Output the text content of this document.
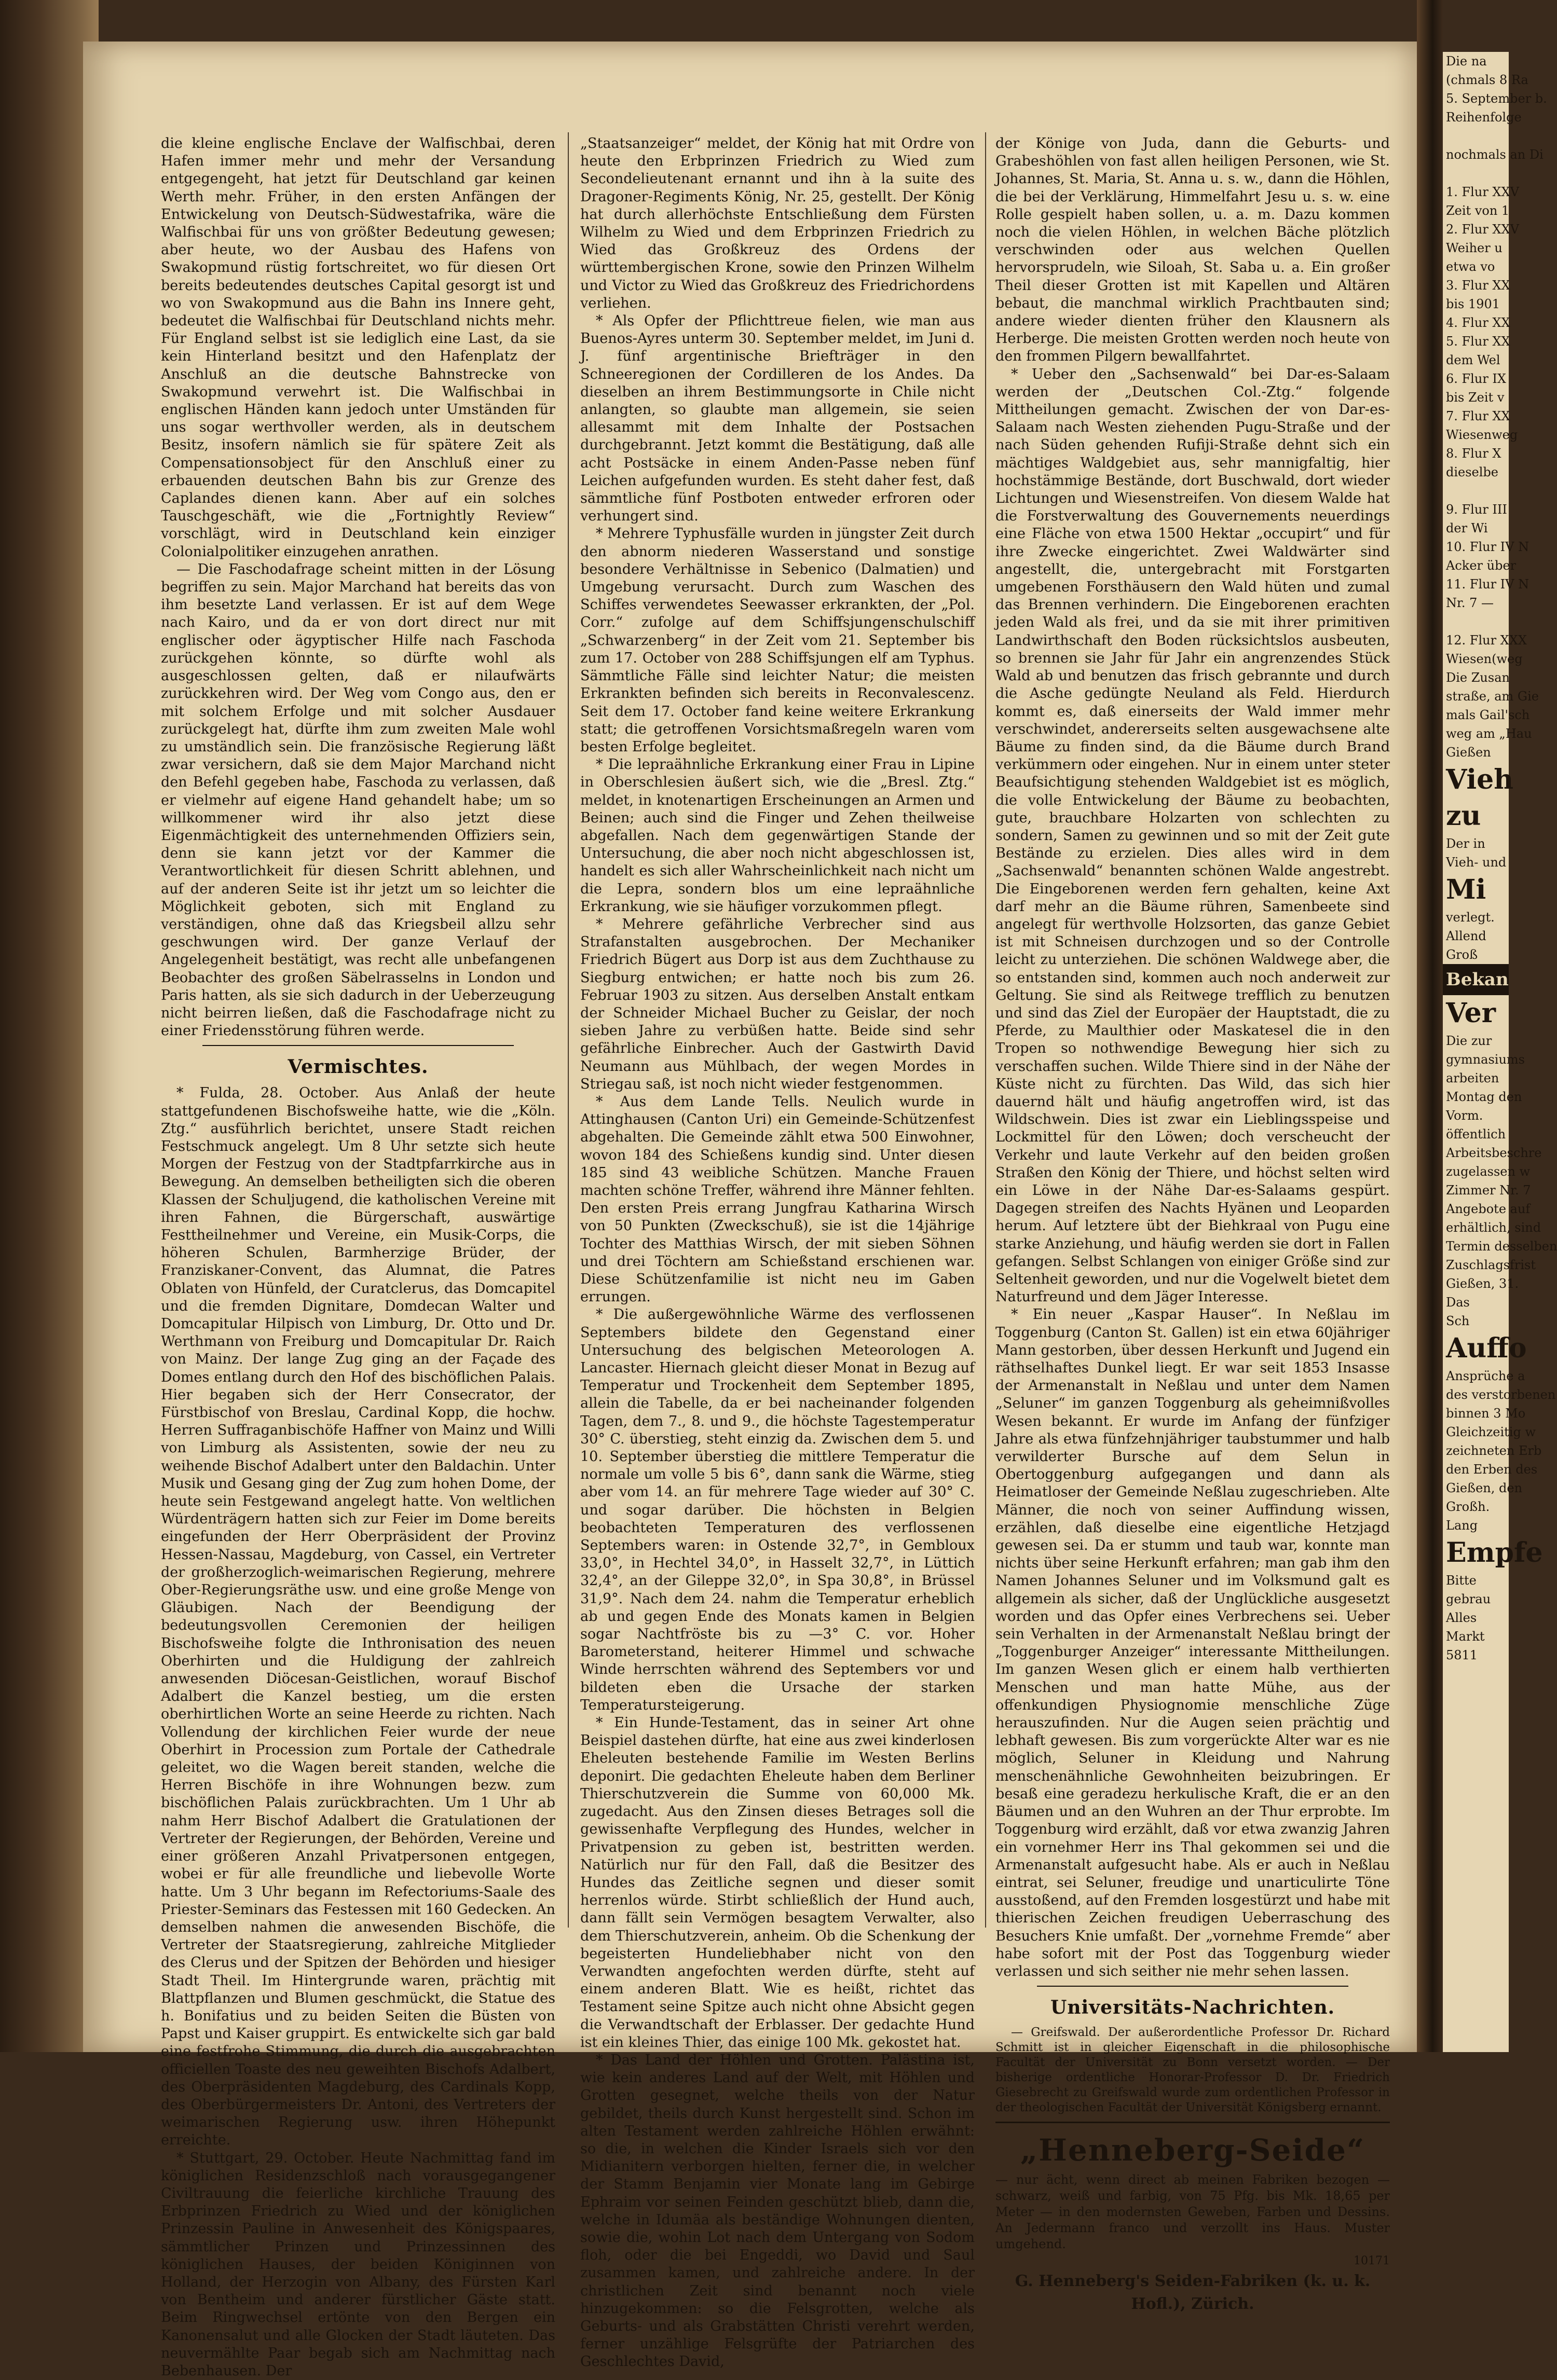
die kleine englische Enclave der Walfischbai, deren Hafen immer mehr und mehr der Versandung entgegengeht, hat jetzt für Deutschland gar keinen Werth mehr. Früher, in den ersten Anfängen der Entwickelung von Deutsch-Südwestafrika, wäre die Walfischbai für uns von größter Bedeutung gewesen; aber heute, wo der Ausbau des Hafens von Swakopmund rüstig fortschreitet, wo für diesen Ort bereits bedeutendes deutsches Capital gesorgt ist und wo von Swakopmund aus die Bahn ins Innere geht, bedeutet die Walfischbai für Deutschland nichts mehr. Für England selbst ist sie lediglich eine Last, da sie kein Hinterland besitzt und den Hafenplatz der Anschluß an die deutsche Bahnstrecke von Swakopmund verwehrt ist. Die Walfischbai in englischen Händen kann jedoch unter Umständen für uns sogar werthvoller werden, als in deutschem Besitz, insofern nämlich sie für spätere Zeit als Compensationsobject für den Anschluß einer zu erbauenden deutschen Bahn bis zur Grenze des Caplandes dienen kann. Aber auf ein solches Tauschgeschäft, wie die „Fortnightly Review“ vorschlägt, wird in Deutschland kein einziger Colonialpolitiker einzugehen anrathen.

— Die Faschodafrage scheint mitten in der Lösung begriffen zu sein. Major Marchand hat bereits das von ihm besetzte Land verlassen. Er ist auf dem Wege nach Kairo, und da er von dort direct nur mit englischer oder ägyptischer Hilfe nach Faschoda zurückgehen könnte, so dürfte wohl als ausgeschlossen gelten, daß er nilaufwärts zurückkehren wird. Der Weg vom Congo aus, den er mit solchem Erfolge und mit solcher Ausdauer zurückgelegt hat, dürfte ihm zum zweiten Male wohl zu umständlich sein. Die französische Regierung läßt zwar versichern, daß sie dem Major Marchand nicht den Befehl gegeben habe, Faschoda zu verlassen, daß er vielmehr auf eigene Hand gehandelt habe; um so willkommener wird ihr also jetzt diese Eigenmächtigkeit des unternehmenden Offiziers sein, denn sie kann jetzt vor der Kammer die Verantwortlichkeit für diesen Schritt ablehnen, und auf der anderen Seite ist ihr jetzt um so leichter die Möglichkeit geboten, sich mit England zu verständigen, ohne daß das Kriegsbeil allzu sehr geschwungen wird. Der ganze Verlauf der Angelegenheit bestätigt, was recht alle unbefangenen Beobachter des großen Säbelrasselns in London und Paris hatten, als sie sich dadurch in der Ueberzeugung nicht beirren ließen, daß die Faschodafrage nicht zu einer Friedensstörung führen werde.

Vermischtes.

* Fulda, 28. October. Aus Anlaß der heute stattgefundenen Bischofsweihe hatte, wie die „Köln. Ztg.“ ausführlich berichtet, unsere Stadt reichen Festschmuck angelegt. Um 8 Uhr setzte sich heute Morgen der Festzug von der Stadtpfarrkirche aus in Bewegung. An demselben betheiligten sich die oberen Klassen der Schuljugend, die katholischen Vereine mit ihren Fahnen, die Bürgerschaft, auswärtige Festtheilnehmer und Vereine, ein Musik-Corps, die höheren Schulen, Barmherzige Brüder, der Franziskaner-Convent, das Alumnat, die Patres Oblaten von Hünfeld, der Curatclerus, das Domcapitel und die fremden Dignitare, Domdecan Walter und Domcapitular Hilpisch von Limburg, Dr. Otto und Dr. Werthmann von Freiburg und Domcapitular Dr. Raich von Mainz. Der lange Zug ging an der Façade des Domes entlang durch den Hof des bischöflichen Palais. Hier begaben sich der Herr Consecrator, der Fürstbischof von Breslau, Cardinal Kopp, die hochw. Herren Suffraganbischöfe Haffner von Mainz und Willi von Limburg als Assistenten, sowie der neu zu weihende Bischof Adalbert unter den Baldachin. Unter Musik und Gesang ging der Zug zum hohen Dome, der heute sein Festgewand angelegt hatte. Von weltlichen Würdenträgern hatten sich zur Feier im Dome bereits eingefunden der Herr Oberpräsident der Provinz Hessen-Nassau, Magdeburg, von Cassel, ein Vertreter der großherzoglich-weimarischen Regierung, mehrere Ober-Regierungsräthe usw. und eine große Menge von Gläubigen. Nach der Beendigung der bedeutungsvollen Ceremonien der heiligen Bischofsweihe folgte die Inthronisation des neuen Oberhirten und die Huldigung der zahlreich anwesenden Diöcesan-Geistlichen, worauf Bischof Adalbert die Kanzel bestieg, um die ersten oberhirtlichen Worte an seine Heerde zu richten. Nach Vollendung der kirchlichen Feier wurde der neue Oberhirt in Procession zum Portale der Cathedrale geleitet, wo die Wagen bereit standen, welche die Herren Bischöfe in ihre Wohnungen bezw. zum bischöflichen Palais zurückbrachten. Um 1 Uhr ab nahm Herr Bischof Adalbert die Gratulationen der Vertreter der Regierungen, der Behörden, Vereine und einer größeren Anzahl Privatpersonen entgegen, wobei er für alle freundliche und liebevolle Worte hatte. Um 3 Uhr begann im Refectoriums-Saale des Priester-Seminars das Festessen mit 160 Gedecken. An demselben nahmen die anwesenden Bischöfe, die Vertreter der Staatsregierung, zahlreiche Mitglieder des Clerus und der Spitzen der Behörden und hiesiger Stadt Theil. Im Hintergrunde waren, prächtig mit Blattpflanzen und Blumen geschmückt, die Statue des h. Bonifatius und zu beiden Seiten die Büsten von Papst und Kaiser gruppirt. Es entwickelte sich gar bald eine festfrohe Stimmung, die durch die ausgebrachten officiellen Toaste des neu geweihten Bischofs Adalbert, des Oberpräsidenten Magdeburg, des Cardinals Kopp, des Oberbürgermeisters Dr. Antoni, des Vertreters der weimarischen Regierung usw. ihren Höhepunkt erreichte.

* Stuttgart, 29. October. Heute Nachmittag fand im königlichen Residenzschloß nach vorausgegangener Civiltrauung die feierliche kirchliche Trauung des Erbprinzen Friedrich zu Wied und der königlichen Prinzessin Pauline in Anwesenheit des Königspaares, sämmtlicher Prinzen und Prinzessinnen des königlichen Hauses, der beiden Königinnen von Holland, der Herzogin von Albany, des Fürsten Karl von Bentheim und anderer fürstlicher Gäste statt. Beim Ringwechsel ertönte von den Bergen ein Kanonensalut und alle Glocken der Stadt läuteten. Das neuvermählte Paar begab sich am Nachmittag nach Bebenhausen. Der

„Staatsanzeiger“ meldet, der König hat mit Ordre von heute den Erbprinzen Friedrich zu Wied zum Secondelieutenant ernannt und ihn à la suite des Dragoner-Regiments König, Nr. 25, gestellt. Der König hat durch allerhöchste Entschließung dem Fürsten Wilhelm zu Wied und dem Erbprinzen Friedrich zu Wied das Großkreuz des Ordens der württembergischen Krone, sowie den Prinzen Wilhelm und Victor zu Wied das Großkreuz des Friedrichordens verliehen.

* Als Opfer der Pflichttreue fielen, wie man aus Buenos-Ayres unterm 30. September meldet, im Juni d. J. fünf argentinische Briefträger in den Schneeregionen der Cordilleren de los Andes. Da dieselben an ihrem Bestimmungsorte in Chile nicht anlangten, so glaubte man allgemein, sie seien allesammt mit dem Inhalte der Postsachen durchgebrannt. Jetzt kommt die Bestätigung, daß alle acht Postsäcke in einem Anden-Passe neben fünf Leichen aufgefunden wurden. Es steht daher fest, daß sämmtliche fünf Postboten entweder erfroren oder verhungert sind.

* Mehrere Typhusfälle wurden in jüngster Zeit durch den abnorm niederen Wasserstand und sonstige besondere Verhältnisse in Sebenico (Dalmatien) und Umgebung verursacht. Durch zum Waschen des Schiffes verwendetes Seewasser erkrankten, der „Pol. Corr.“ zufolge auf dem Schiffsjungenschulschiff „Schwarzenberg“ in der Zeit vom 21. September bis zum 17. October von 288 Schiffsjungen elf am Typhus. Sämmtliche Fälle sind leichter Natur; die meisten Erkrankten befinden sich bereits in Reconvalescenz. Seit dem 17. October fand keine weitere Erkrankung statt; die getroffenen Vorsichtsmaßregeln waren vom besten Erfolge begleitet.

* Die lepraähnliche Erkrankung einer Frau in Lipine in Oberschlesien äußert sich, wie die „Bresl. Ztg.“ meldet, in knotenartigen Erscheinungen an Armen und Beinen; auch sind die Finger und Zehen theilweise abgefallen. Nach dem gegenwärtigen Stande der Untersuchung, die aber noch nicht abgeschlossen ist, handelt es sich aller Wahrscheinlichkeit nach nicht um die Lepra, sondern blos um eine lepraähnliche Erkrankung, wie sie häufiger vorzukommen pflegt.

* Mehrere gefährliche Verbrecher sind aus Strafanstalten ausgebrochen. Der Mechaniker Friedrich Bügert aus Dorp ist aus dem Zuchthause zu Siegburg entwichen; er hatte noch bis zum 26. Februar 1903 zu sitzen. Aus derselben Anstalt entkam der Schneider Michael Bucher zu Geislar, der noch sieben Jahre zu verbüßen hatte. Beide sind sehr gefährliche Einbrecher. Auch der Gastwirth David Neumann aus Mühlbach, der wegen Mordes in Striegau saß, ist noch nicht wieder festgenommen.

* Aus dem Lande Tells. Neulich wurde in Attinghausen (Canton Uri) ein Gemeinde-Schützenfest abgehalten. Die Gemeinde zählt etwa 500 Einwohner, wovon 184 des Schießens kundig sind. Unter diesen 185 sind 43 weibliche Schützen. Manche Frauen machten schöne Treffer, während ihre Männer fehlten. Den ersten Preis errang Jungfrau Katharina Wirsch von 50 Punkten (Zweckschuß), sie ist die 14jährige Tochter des Matthias Wirsch, der mit sieben Söhnen und drei Töchtern am Schießstand erschienen war. Diese Schützenfamilie ist nicht neu im Gaben errungen.

* Die außergewöhnliche Wärme des verflossenen Septembers bildete den Gegenstand einer Untersuchung des belgischen Meteorologen A. Lancaster. Hiernach gleicht dieser Monat in Bezug auf Temperatur und Trockenheit dem September 1895, allein die Tabelle, da er bei nacheinander folgenden Tagen, dem 7., 8. und 9., die höchste Tagestemperatur 30° C. überstieg, steht einzig da. Zwischen dem 5. und 10. September überstieg die mittlere Temperatur die normale um volle 5 bis 6°, dann sank die Wärme, stieg aber vom 14. an für mehrere Tage wieder auf 30° C. und sogar darüber. Die höchsten in Belgien beobachteten Temperaturen des verflossenen Septembers waren: in Ostende 32,7°, in Gembloux 33,0°, in Hechtel 34,0°, in Hasselt 32,7°, in Lüttich 32,4°, an der Gileppe 32,0°, in Spa 30,8°, in Brüssel 31,9°. Nach dem 24. nahm die Temperatur erheblich ab und gegen Ende des Monats kamen in Belgien sogar Nachtfröste bis zu —3° C. vor. Hoher Barometerstand, heiterer Himmel und schwache Winde herrschten während des Septembers vor und bildeten eben die Ursache der starken Temperatursteigerung.

* Ein Hunde-Testament, das in seiner Art ohne Beispiel dastehen dürfte, hat eine aus zwei kinderlosen Eheleuten bestehende Familie im Westen Berlins deponirt. Die gedachten Eheleute haben dem Berliner Thierschutzverein die Summe von 60,000 Mk. zugedacht. Aus den Zinsen dieses Betrages soll die gewissenhafte Verpflegung des Hundes, welcher in Privatpension zu geben ist, bestritten werden. Natürlich nur für den Fall, daß die Besitzer des Hundes das Zeitliche segnen und dieser somit herrenlos würde. Stirbt schließlich der Hund auch, dann fällt sein Vermögen besagtem Verwalter, also dem Thierschutzverein, anheim. Ob die Schenkung der begeisterten Hundeliebhaber nicht von den Verwandten angefochten werden dürfte, steht auf einem anderen Blatt. Wie es heißt, richtet das Testament seine Spitze auch nicht ohne Absicht gegen die Verwandtschaft der Erblasser. Der gedachte Hund ist ein kleines Thier, das einige 100 Mk. gekostet hat.

* Das Land der Höhlen und Grotten. Palästina ist, wie kein anderes Land auf der Welt, mit Höhlen und Grotten gesegnet, welche theils von der Natur gebildet, theils durch Kunst hergestellt sind. Schon im alten Testament werden zahlreiche Höhlen erwähnt: so die, in welchen die Kinder Israels sich vor den Midianitern verborgen hielten, ferner die, in welcher der Stamm Benjamin vier Monate lang im Gebirge Ephraim vor seinen Feinden geschützt blieb, dann die, welche in Idumäa als beständige Wohnungen dienten, sowie die, wohin Lot nach dem Untergang von Sodom floh, oder die bei Engeddi, wo David und Saul zusammen kamen, und zahlreiche andere. In der christlichen Zeit sind benannt noch viele hinzugekommen: so die Felsgrotten, welche als Geburts- und als Grabstätten Christi verehrt werden, ferner unzählige Felsgrüfte der Patriarchen des Geschlechtes David,

der Könige von Juda, dann die Geburts- und Grabeshöhlen von fast allen heiligen Personen, wie St. Johannes, St. Maria, St. Anna u. s. w., dann die Höhlen, die bei der Verklärung, Himmelfahrt Jesu u. s. w. eine Rolle gespielt haben sollen, u. a. m. Dazu kommen noch die vielen Höhlen, in welchen Bäche plötzlich verschwinden oder aus welchen Quellen hervorsprudeln, wie Siloah, St. Saba u. a. Ein großer Theil dieser Grotten ist mit Kapellen und Altären bebaut, die manchmal wirklich Prachtbauten sind; andere wieder dienten früher den Klausnern als Herberge. Die meisten Grotten werden noch heute von den frommen Pilgern bewallfahrtet.

* Ueber den „Sachsenwald“ bei Dar-es-Salaam werden der „Deutschen Col.-Ztg.“ folgende Mittheilungen gemacht. Zwischen der von Dar-es-Salaam nach Westen ziehenden Pugu-Straße und der nach Süden gehenden Rufiji-Straße dehnt sich ein mächtiges Waldgebiet aus, sehr mannigfaltig, hier hochstämmige Bestände, dort Buschwald, dort wieder Lichtungen und Wiesenstreifen. Von diesem Walde hat die Forstverwaltung des Gouvernements neuerdings eine Fläche von etwa 1500 Hektar „occupirt“ und für ihre Zwecke eingerichtet. Zwei Waldwärter sind angestellt, die, untergebracht mit Forstgarten umgebenen Forsthäusern den Wald hüten und zumal das Brennen verhindern. Die Eingeborenen erachten jeden Wald als frei, und da sie mit ihrer primitiven Landwirthschaft den Boden rücksichtslos ausbeuten, so brennen sie Jahr für Jahr ein angrenzendes Stück Wald ab und benutzen das frisch gebrannte und durch die Asche gedüngte Neuland als Feld. Hierdurch kommt es, daß einerseits der Wald immer mehr verschwindet, andererseits selten ausgewachsene alte Bäume zu finden sind, da die Bäume durch Brand verkümmern oder eingehen. Nur in einem unter steter Beaufsichtigung stehenden Waldgebiet ist es möglich, die volle Entwickelung der Bäume zu beobachten, gute, brauchbare Holzarten von schlechten zu sondern, Samen zu gewinnen und so mit der Zeit gute Bestände zu erzielen. Dies alles wird in dem „Sachsenwald“ benannten schönen Walde angestrebt. Die Eingeborenen werden fern gehalten, keine Axt darf mehr an die Bäume rühren, Samenbeete sind angelegt für werthvolle Holzsorten, das ganze Gebiet ist mit Schneisen durchzogen und so der Controlle leicht zu unterziehen. Die schönen Waldwege aber, die so entstanden sind, kommen auch noch anderweit zur Geltung. Sie sind als Reitwege trefflich zu benutzen und sind das Ziel der Europäer der Hauptstadt, die zu Pferde, zu Maulthier oder Maskatesel die in den Tropen so nothwendige Bewegung hier sich zu verschaffen suchen. Wilde Thiere sind in der Nähe der Küste nicht zu fürchten. Das Wild, das sich hier dauernd hält und häufig angetroffen wird, ist das Wildschwein. Dies ist zwar ein Lieblingsspeise und Lockmittel für den Löwen; doch verscheucht der Verkehr und laute Verkehr auf den beiden großen Straßen den König der Thiere, und höchst selten wird ein Löwe in der Nähe Dar-es-Salaams gespürt. Dagegen streifen des Nachts Hyänen und Leoparden herum. Auf letztere übt der Biehkraal von Pugu eine starke Anziehung, und häufig werden sie dort in Fallen gefangen. Selbst Schlangen von einiger Größe sind zur Seltenheit geworden, und nur die Vogelwelt bietet dem Naturfreund und dem Jäger Interesse.

* Ein neuer „Kaspar Hauser“. In Neßlau im Toggenburg (Canton St. Gallen) ist ein etwa 60jähriger Mann gestorben, über dessen Herkunft und Jugend ein räthselhaftes Dunkel liegt. Er war seit 1853 Insasse der Armenanstalt in Neßlau und unter dem Namen „Seluner“ im ganzen Toggenburg als geheimnißvolles Wesen bekannt. Er wurde im Anfang der fünfziger Jahre als etwa fünfzehnjähriger taubstummer und halb verwilderter Bursche auf dem Selun in Obertoggenburg aufgegangen und dann als Heimatloser der Gemeinde Neßlau zugeschrieben. Alte Männer, die noch von seiner Auffindung wissen, erzählen, daß dieselbe eine eigentliche Hetzjagd gewesen sei. Da er stumm und taub war, konnte man nichts über seine Herkunft erfahren; man gab ihm den Namen Johannes Seluner und im Volksmund galt es allgemein als sicher, daß der Unglückliche ausgesetzt worden und das Opfer eines Verbrechens sei. Ueber sein Verhalten in der Armenanstalt Neßlau bringt der „Toggenburger Anzeiger“ interessante Mittheilungen. Im ganzen Wesen glich er einem halb verthierten Menschen und man hatte Mühe, aus der offenkundigen Physiognomie menschliche Züge herauszufinden. Nur die Augen seien prächtig und lebhaft gewesen. Bis zum vorgerückte Alter war es nie möglich, Seluner in Kleidung und Nahrung menschenähnliche Gewohnheiten beizubringen. Er besaß eine geradezu herkulische Kraft, die er an den Bäumen und an den Wuhren an der Thur erprobte. Im Toggenburg wird erzählt, daß vor etwa zwanzig Jahren ein vornehmer Herr ins Thal gekommen sei und die Armenanstalt aufgesucht habe. Als er auch in Neßlau eintrat, sei Seluner, freudige und unarticulirte Töne ausstoßend, auf den Fremden losgestürzt und habe mit thierischen Zeichen freudigen Ueberraschung des Besuchers Knie umfaßt. Der „vornehme Fremde“ aber habe sofort mit der Post das Toggenburg wieder verlassen und sich seither nie mehr sehen lassen.

Universitäts-Nachrichten.

— Greifswald. Der außerordentliche Professor Dr. Richard Schmitt ist in gleicher Eigenschaft in die philosophische Facultät der Universität zu Bonn versetzt worden. — Der bisherige ordentliche Honorar-Professor D. Dr. Friedrich Giesebrecht zu Greifswald wurde zum ordentlichen Professor in der theologischen Facultät der Universität Königsberg ernannt.

„Henneberg-Seide“
— nur ächt, wenn direct ab meinen Fabriken bezogen — schwarz, weiß und farbig, von 75 Pfg. bis Mk. 18,65 per Meter — in den modernsten Geweben, Farben und Dessins. An Jedermann franco und verzollt ins Haus. Muster umgehend.
10171
G. Henneberg's Seiden-Fabriken (k. u. k. Hofl.), Zürich.
Die na
(chmals 8 Ra
5. September b.
Reihenfolge

nochmals an Di

1. Flur XXV
Zeit von 1
2. Flur XXV
Weiher u
etwa vo
3. Flur XX
bis 1901
4. Flur XX
5. Flur XX
dem Wel
6. Flur IX
bis Zeit v
7. Flur XX
Wiesenweg
8. Flur X
dieselbe

9. Flur III
der Wi
10. Flur IV N
Acker über
11. Flur IV N
Nr. 7 —

12. Flur XXX
Wiesen(weg
Die Zusan
straße, am Gie
mals Gail'sch
weg am „Hau
Gießen
Vieh
zu
Der in
Vieh- und
Mi
verlegt.
Allend
Groß
Bekan
Ver
Die zur
gymnasiums
arbeiten
Montag den
Vorm.
öffentlich
Arbeitsbeschre
zugelassen w
Zimmer Nr. 7
Angebote auf
erhältlich, sind
Termin desselben
Zuschlagsfrist
Gießen, 31.
Das
Sch
Auffo
Ansprüche a
des verstorbenen
binnen 3 Mo
Gleichzeitig w
zeichneten Erb
den Erben des
Gießen, den
Großh.
Lang
Empfe
Bitte
gebrau
Alles
Markt
5811
